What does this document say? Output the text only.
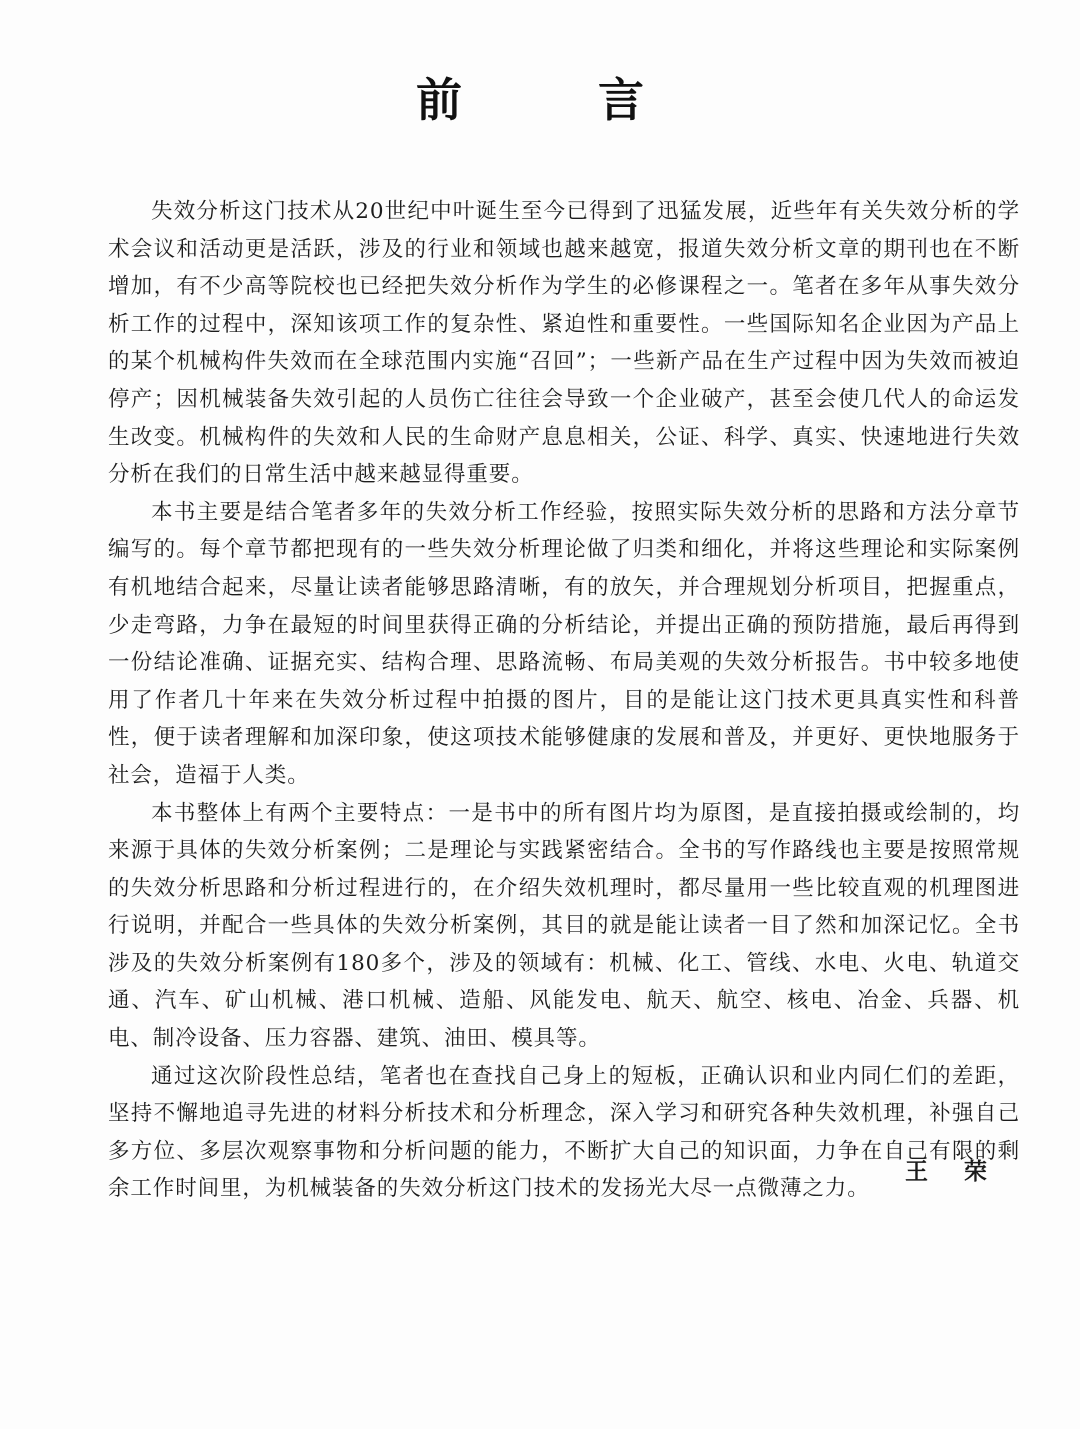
前 言

失效分析这门技术从20世纪中叶诞生至今已得到了迅猛发展，近些年有关失效分析的学术会议和活动更是活跃，涉及的行业和领域也越来越宽，报道失效分析文章的期刊也在不断增加，有不少高等院校也已经把失效分析作为学生的必修课程之一。笔者在多年从事失效分析工作的过程中，深知该项工作的复杂性、紧迫性和重要性。一些国际知名企业因为产品上的某个机械构件失效而在全球范围内实施“召回”；一些新产品在生产过程中因为失效而被迫停产；因机械装备失效引起的人员伤亡往往会导致一个企业破产，甚至会使几代人的命运发生改变。机械构件的失效和人民的生命财产息息相关，公证、科学、真实、快速地进行失效分析在我们的日常生活中越来越显得重要。

本书主要是结合笔者多年的失效分析工作经验，按照实际失效分析的思路和方法分章节编写的。每个章节都把现有的一些失效分析理论做了归类和细化，并将这些理论和实际案例有机地结合起来，尽量让读者能够思路清晰，有的放矢，并合理规划分析项目，把握重点，少走弯路，力争在最短的时间里获得正确的分析结论，并提出正确的预防措施，最后再得到一份结论准确、证据充实、结构合理、思路流畅、布局美观的失效分析报告。书中较多地使用了作者几十年来在失效分析过程中拍摄的图片，目的是能让这门技术更具真实性和科普性，便于读者理解和加深印象，使这项技术能够健康的发展和普及，并更好、更快地服务于社会，造福于人类。

本书整体上有两个主要特点：一是书中的所有图片均为原图，是直接拍摄或绘制的，均来源于具体的失效分析案例；二是理论与实践紧密结合。全书的写作路线也主要是按照常规的失效分析思路和分析过程进行的，在介绍失效机理时，都尽量用一些比较直观的机理图进行说明，并配合一些具体的失效分析案例，其目的就是能让读者一目了然和加深记忆。全书涉及的失效分析案例有180多个，涉及的领域有：机械、化工、管线、水电、火电、轨道交通、汽车、矿山机械、港口机械、造船、风能发电、航天、航空、核电、冶金、兵器、机电、制冷设备、压力容器、建筑、油田、模具等。

通过这次阶段性总结，笔者也在查找自己身上的短板，正确认识和业内同仁们的差距，坚持不懈地追寻先进的材料分析技术和分析理念，深入学习和研究各种失效机理，补强自己多方位、多层次观察事物和分析问题的能力，不断扩大自己的知识面，力争在自己有限的剩余工作时间里，为机械装备的失效分析这门技术的发扬光大尽一点微薄之力。

王 荣
